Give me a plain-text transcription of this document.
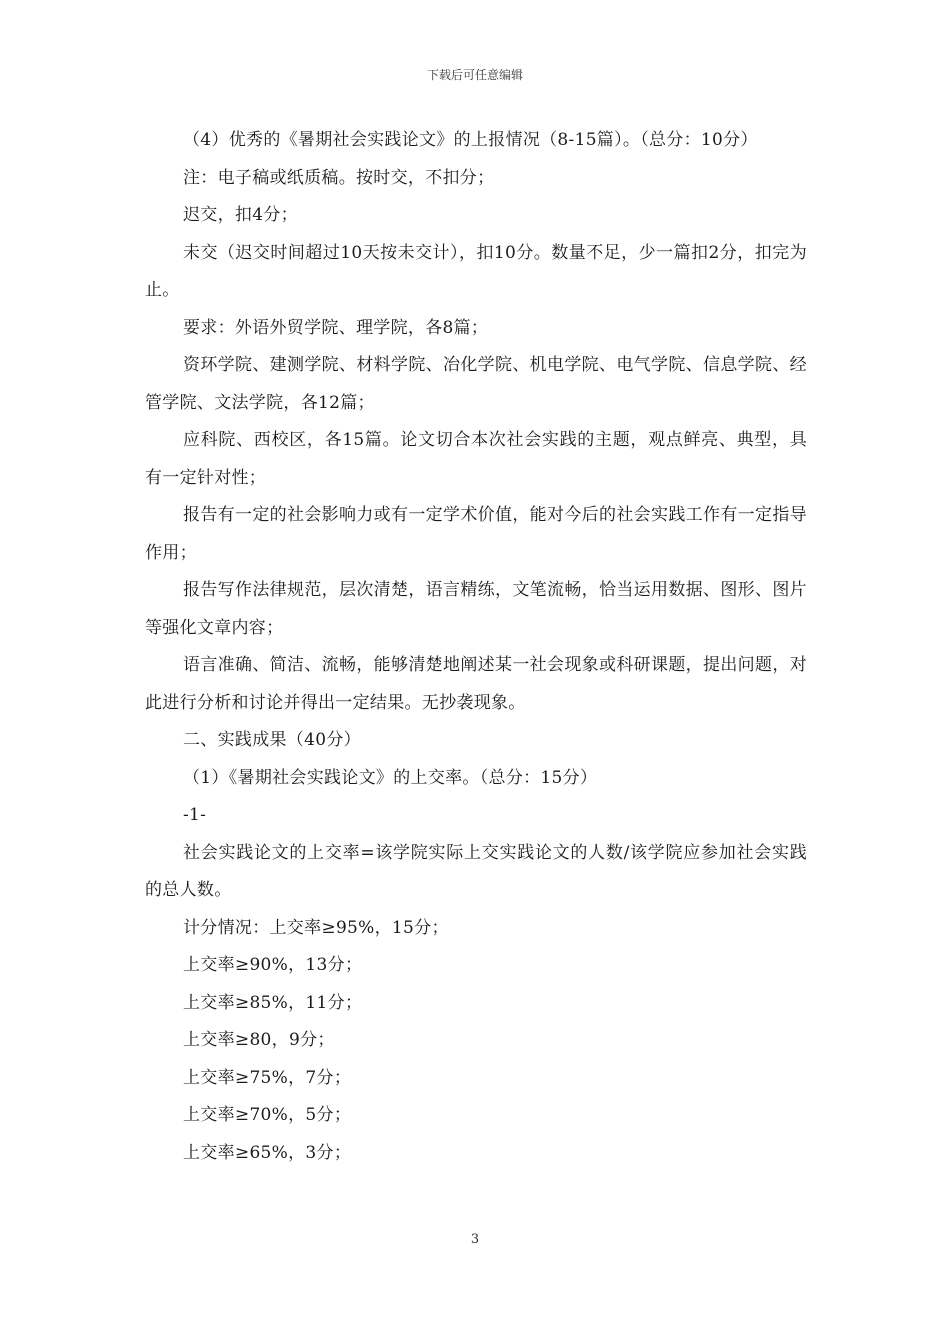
下载后可任意编辑

（4）优秀的《暑期社会实践论文》的上报情况（8-15篇）。（总分：10分）

注：电子稿或纸质稿。按时交，不扣分；

迟交，扣4分；

未交（迟交时间超过10天按未交计），扣10分。数量不足，少一篇扣2分，扣完为止。

要求：外语外贸学院、理学院，各8篇；

资环学院、建测学院、材料学院、冶化学院、机电学院、电气学院、信息学院、经管学院、文法学院，各12篇；

应科院、西校区，各15篇。论文切合本次社会实践的主题，观点鲜亮、典型，具有一定针对性；

报告有一定的社会影响力或有一定学术价值，能对今后的社会实践工作有一定指导作用；

报告写作法律规范，层次清楚，语言精练，文笔流畅，恰当运用数据、图形、图片等强化文章内容；

语言准确、简洁、流畅，能够清楚地阐述某一社会现象或科研课题，提出问题，对此进行分析和讨论并得出一定结果。无抄袭现象。

二、实践成果（40分）

（1）《暑期社会实践论文》的上交率。（总分：15分）

-1-

社会实践论文的上交率=该学院实际上交实践论文的人数/该学院应参加社会实践的总人数。

计分情况：上交率≥95%，15分；

上交率≥90%，13分；

上交率≥85%，11分；

上交率≥80，9分；

上交率≥75%，7分；

上交率≥70%，5分；

上交率≥65%，3分；

3
